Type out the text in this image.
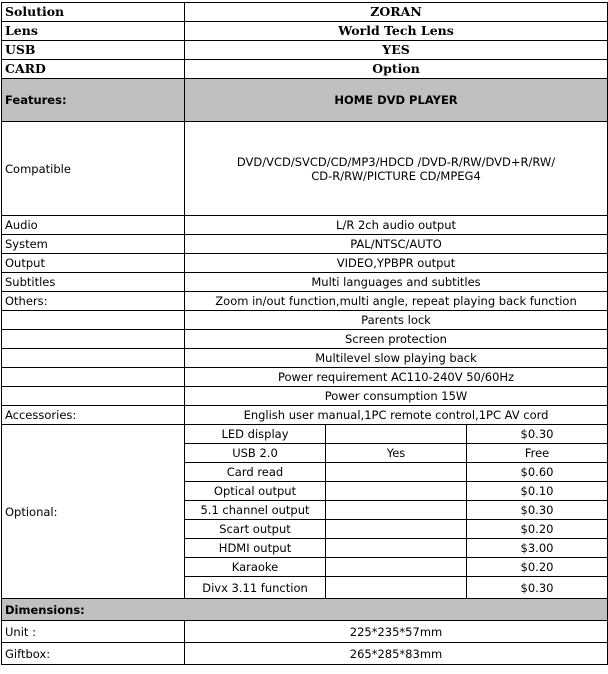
Solution	ZORAN		
Lens	World Tech Lens		
USB	YES		
CARD	Option		
Features:	HOME DVD PLAYER		
Compatible	DVD/VCD/SVCD/CD/MP3/HDCD /DVD-R/RW/DVD+R/RW/
CD-R/RW/PICTURE CD/MPEG4		
Audio	L/R 2ch audio output		
System	PAL/NTSC/AUTO		
Output	VIDEO,YPBPR output		
Subtitles	Multi languages and subtitles		
Others:	Zoom in/out function,multi angle, repeat playing back function		
	Parents lock		
	Screen protection		
	Multilevel slow playing back		
	Power requirement AC110-240V 50/60Hz		
	Power consumption 15W		
Accessories:	English user manual,1PC remote control,1PC AV cord		
Optional:	LED display		$0.30
	USB 2.0	Yes	Free
	Card read		$0.60
	Optical output		$0.10
	5.1 channel output		$0.30
	Scart output		$0.20
	HDMI output		$3.00
	Karaoke		$0.20
	Divx 3.11 function		$0.30
Dimensions:			
Unit :	225*235*57mm		
Giftbox:	265*285*83mm		
